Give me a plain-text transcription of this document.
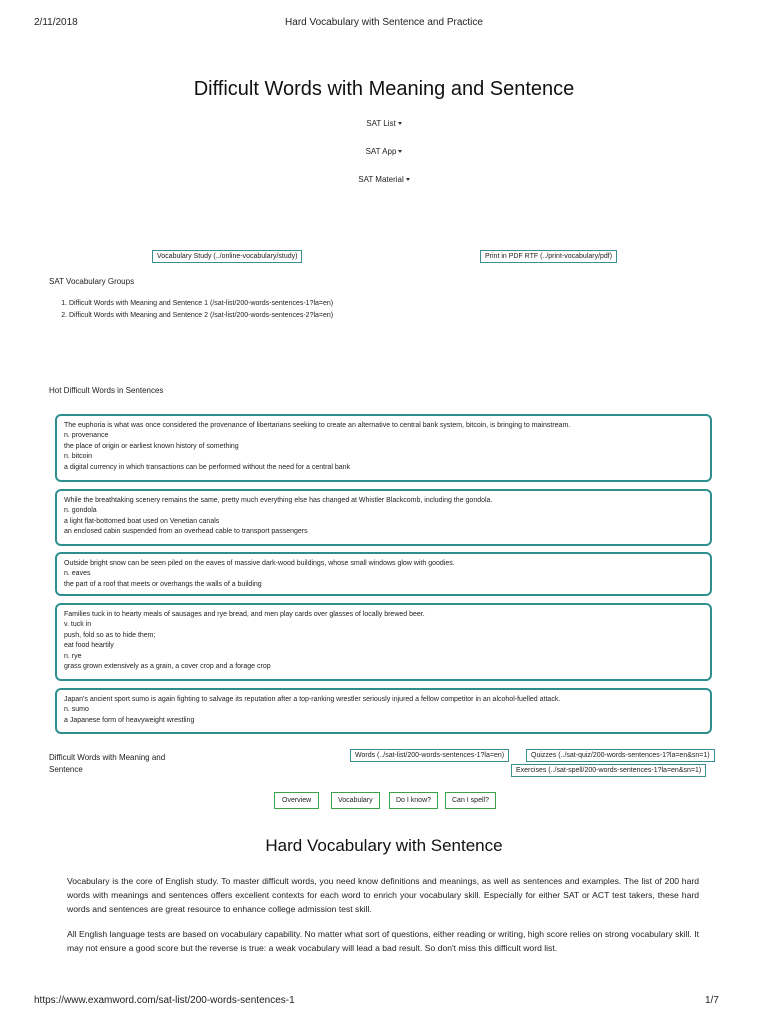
2/11/2018	Hard Vocabulary with Sentence and Practice
Difficult Words with Meaning and Sentence
SAT List
SAT App
SAT Material
Vocabulary Study (../online-vocabulary/study)	Print in PDF RTF (../print-vocabulary/pdf)
SAT Vocabulary Groups
1. Difficult Words with Meaning and Sentence 1 (/sat-list/200-words-sentences-1?la=en)
2. Difficult Words with Meaning and Sentence 2 (/sat-list/200-words-sentences-2?la=en)
Hot Difficult Words in Sentences
The euphoria is what was once considered the provenance of libertarians seeking to create an alternative to central bank system, bitcoin, is bringing to mainstream.
n. provenance
the place of origin or earliest known history of something
n. bitcoin
a digital currency in which transactions can be performed without the need for a central bank
While the breathtaking scenery remains the same, pretty much everything else has changed at Whistler Blackcomb, including the gondola.
n. gondola
a light flat-bottomed boat used on Venetian canals
an enclosed cabin suspended from an overhead cable to transport passengers
Outside bright snow can be seen piled on the eaves of massive dark-wood buildings, whose small windows glow with goodies.
n. eaves
the part of a roof that meets or overhangs the walls of a building
Families tuck in to hearty meals of sausages and rye bread, and men play cards over glasses of locally brewed beer.
v. tuck in
push, fold so as to hide them;
eat food heartily
n. rye
grass grown extensively as a grain, a cover crop and a forage crop
Japan's ancient sport sumo is again fighting to salvage its reputation after a top-ranking wrestler seriously injured a fellow competitor in an alcohol-fuelled attack.
n. sumo
a Japanese form of heavyweight wrestling
Difficult Words with Meaning and
Sentence
Words (../sat-list/200-words-sentences-1?la=en)	Quizzes (../sat-quiz/200-words-sentences-1?la=en&sn=1)
Exercises (../sat-spell/200-words-sentences-1?la=en&sn=1)
Overview	Vocabulary	Do I know?	Can I spell?
Hard Vocabulary with Sentence
Vocabulary is the core of English study. To master difficult words, you need know definitions and meanings, as well as sentences and examples. The list of 200 hard words with meanings and sentences offers excellent contexts for each word to enrich your vocabulary skill. Especially for either SAT or ACT test takers, these hard words and sentences are great resource to enhance college admission test skill.
All English language tests are based on vocabulary capability. No matter what sort of questions, either reading or writing, high score relies on strong vocabulary skill. It may not ensure a good score but the reverse is true: a weak vocabulary will lead a bad result. So don't miss this difficult word list.
https://www.examword.com/sat-list/200-words-sentences-1	1/7
